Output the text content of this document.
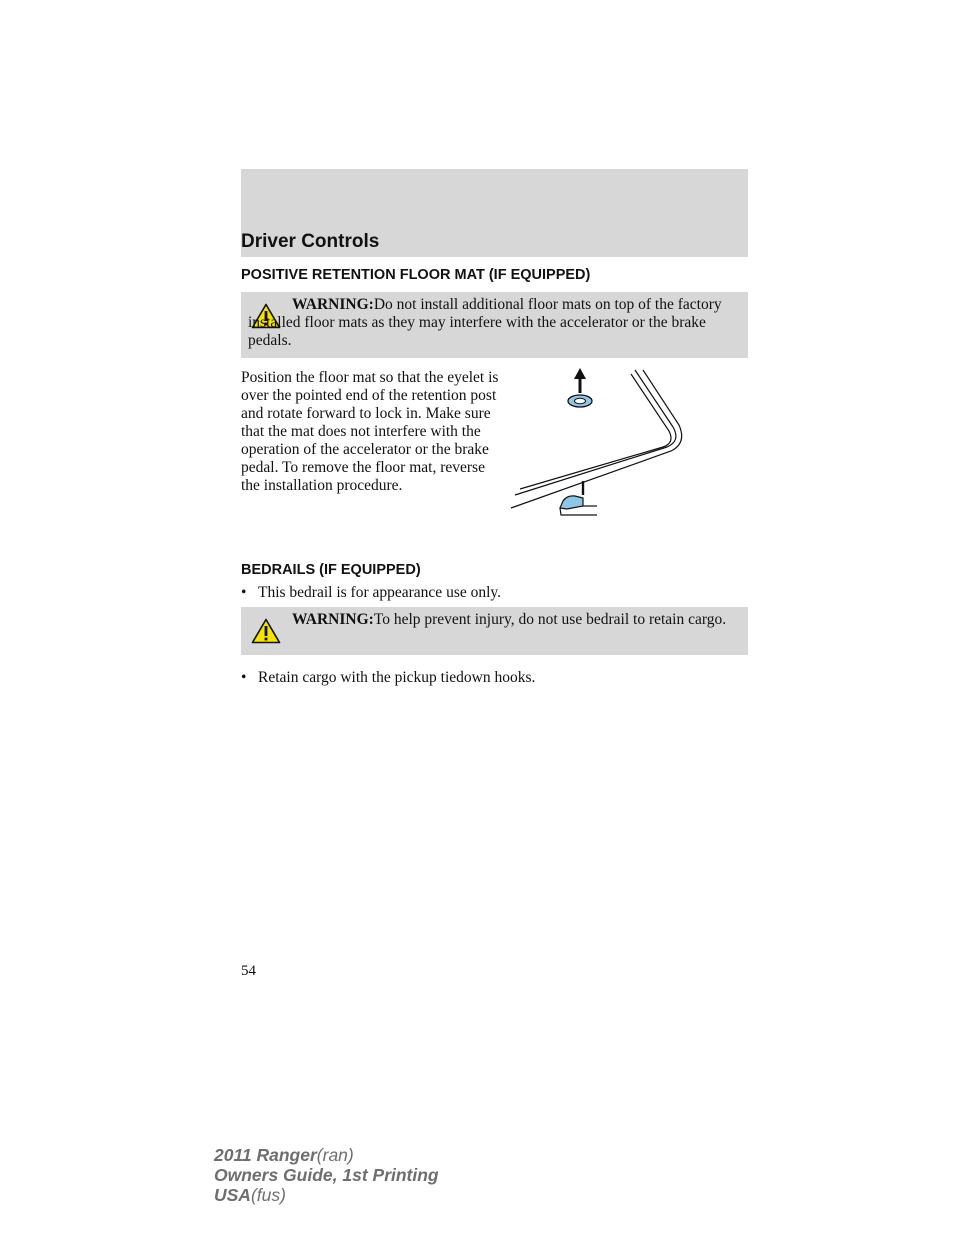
Driver Controls
POSITIVE RETENTION FLOOR MAT (IF EQUIPPED)
WARNING:Do not install additional floor mats on top of the factory installed floor mats as they may interfere with the accelerator or the brake pedals.
Position the floor mat so that the eyelet is over the pointed end of the retention post and rotate forward to lock in. Make sure that the mat does not interfere with the operation of the accelerator or the brake pedal. To remove the floor mat, reverse the installation procedure.
BEDRAILS (IF EQUIPPED)
• This bedrail is for appearance use only.
WARNING:To help prevent injury, do not use bedrail to retain cargo.
• Retain cargo with the pickup tiedown hooks.
54
2011 Ranger(ran)
Owners Guide, 1st Printing
USA(fus)
